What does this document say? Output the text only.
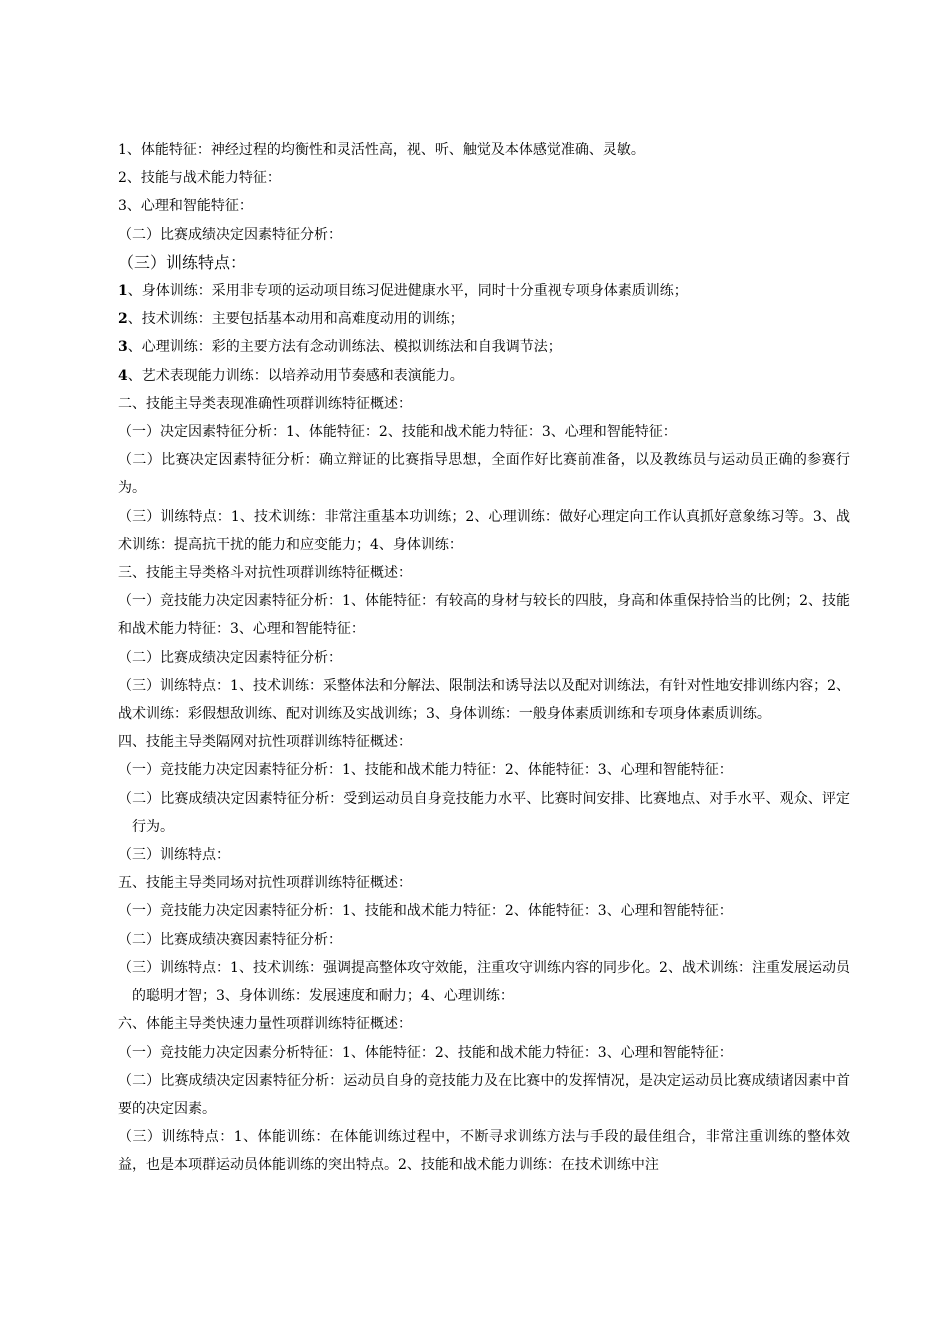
1、体能特征：神经过程的均衡性和灵活性高，视、听、触觉及本体感觉准确、灵敏。

2、技能与战术能力特征：

3、心理和智能特征：

（二）比赛成绩决定因素特征分析：

（三）训练特点：

1、身体训练：采用非专项的运动项目练习促进健康水平，同时十分重视专项身体素质训练；

2、技术训练：主要包括基本动用和高难度动用的训练；

3、心理训练：彩的主要方法有念动训练法、模拟训练法和自我调节法；

4、艺术表现能力训练：以培养动用节奏感和表演能力。

二、技能主导类表现准确性项群训练特征概述：

（一）决定因素特征分析：1、体能特征：2、技能和战术能力特征：3、心理和智能特征：

（二）比赛决定因素特征分析：确立辩证的比赛指导思想，全面作好比赛前准备，以及教练员与运动员正确的参赛行为。

（三）训练特点：1、技术训练：非常注重基本功训练；2、心理训练：做好心理定向工作认真抓好意象练习等。3、战术训练：提高抗干扰的能力和应变能力；4、身体训练：

三、技能主导类格斗对抗性项群训练特征概述：

（一）竞技能力决定因素特征分析：1、体能特征：有较高的身材与较长的四肢，身高和体重保持恰当的比例；2、技能和战术能力特征：3、心理和智能特征：

（二）比赛成绩决定因素特征分析：

（三）训练特点：1、技术训练：采整体法和分解法、限制法和诱导法以及配对训练法，有针对性地安排训练内容；2、战术训练：彩假想敌训练、配对训练及实战训练；3、身体训练：一般身体素质训练和专项身体素质训练。

四、技能主导类隔网对抗性项群训练特征概述：

（一）竞技能力决定因素特征分析：1、技能和战术能力特征：2、体能特征：3、心理和智能特征：

（二）比赛成绩决定因素特征分析：受到运动员自身竞技能力水平、比赛时间安排、比赛地点、对手水平、观众、评定行为。

（三）训练特点：

五、技能主导类同场对抗性项群训练特征概述：

（一）竞技能力决定因素特征分析：1、技能和战术能力特征：2、体能特征：3、心理和智能特征：

（二）比赛成绩决赛因素特征分析：

（三）训练特点：1、技术训练：强调提高整体攻守效能，注重攻守训练内容的同步化。2、战术训练：注重发展运动员的聪明才智；3、身体训练：发展速度和耐力；4、心理训练：

六、体能主导类快速力量性项群训练特征概述：

（一）竞技能力决定因素分析特征：1、体能特征：2、技能和战术能力特征：3、心理和智能特征：

（二）比赛成绩决定因素特征分析：运动员自身的竞技能力及在比赛中的发挥情况，是决定运动员比赛成绩诸因素中首要的决定因素。

（三）训练特点：1、体能训练：在体能训练过程中，不断寻求训练方法与手段的最佳组合，非常注重训练的整体效益，也是本项群运动员体能训练的突出特点。2、技能和战术能力训练：在技术训练中注
